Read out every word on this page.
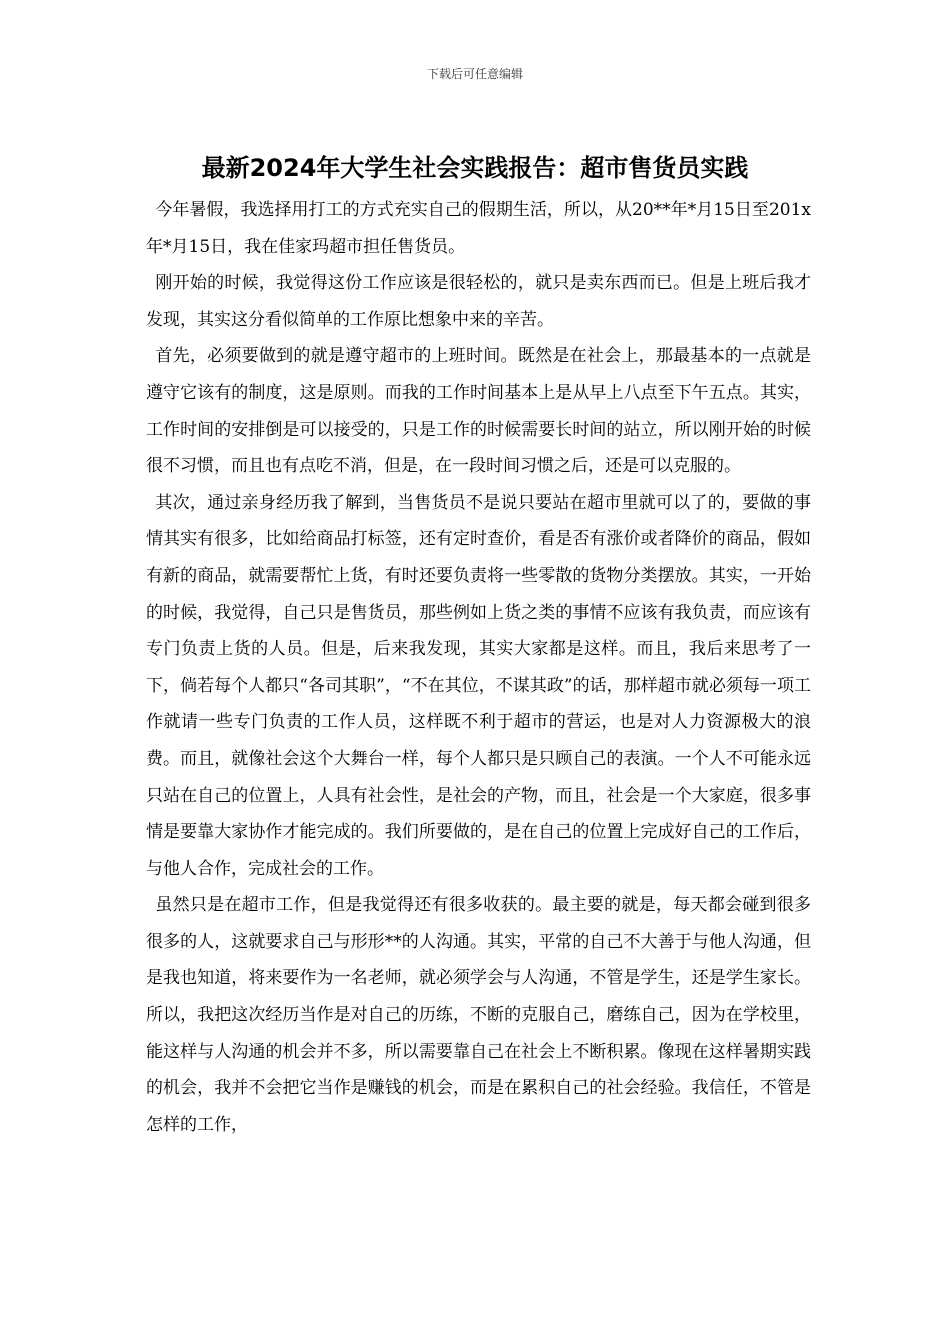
下载后可任意编辑
最新2024年大学生社会实践报告：超市售货员实践

今年暑假，我选择用打工的方式充实自己的假期生活，所以，从20**年*月15日至201x年*月15日，我在佳家玛超市担任售货员。

刚开始的时候，我觉得这份工作应该是很轻松的，就只是卖东西而已。但是上班后我才发现，其实这分看似简单的工作原比想象中来的辛苦。

首先，必须要做到的就是遵守超市的上班时间。既然是在社会上，那最基本的一点就是遵守它该有的制度，这是原则。而我的工作时间基本上是从早上八点至下午五点。其实，工作时间的安排倒是可以接受的，只是工作的时候需要长时间的站立，所以刚开始的时候很不习惯，而且也有点吃不消，但是，在一段时间习惯之后，还是可以克服的。

其次，通过亲身经历我了解到，当售货员不是说只要站在超市里就可以了的，要做的事情其实有很多，比如给商品打标签，还有定时查价，看是否有涨价或者降价的商品，假如有新的商品，就需要帮忙上货，有时还要负责将一些零散的货物分类摆放。其实，一开始的时候，我觉得，自己只是售货员，那些例如上货之类的事情不应该有我负责，而应该有专门负责上货的人员。但是，后来我发现，其实大家都是这样。而且，我后来思考了一下，倘若每个人都只“各司其职”，“不在其位，不谋其政”的话，那样超市就必须每一项工作就请一些专门负责的工作人员，这样既不利于超市的营运，也是对人力资源极大的浪费。而且，就像社会这个大舞台一样，每个人都只是只顾自己的表演。一个人不可能永远只站在自己的位置上，人具有社会性，是社会的产物，而且，社会是一个大家庭，很多事情是要靠大家协作才能完成的。我们所要做的，是在自己的位置上完成好自己的工作后，与他人合作，完成社会的工作。

虽然只是在超市工作，但是我觉得还有很多收获的。最主要的就是，每天都会碰到很多很多的人，这就要求自己与形形**的人沟通。其实，平常的自己不大善于与他人沟通，但是我也知道，将来要作为一名老师，就必须学会与人沟通，不管是学生，还是学生家长。所以，我把这次经历当作是对自己的历练，不断的克服自己，磨练自己，因为在学校里，能这样与人沟通的机会并不多，所以需要靠自己在社会上不断积累。像现在这样暑期实践的机会，我并不会把它当作是赚钱的机会，而是在累积自己的社会经验。我信任，不管是怎样的工作，
